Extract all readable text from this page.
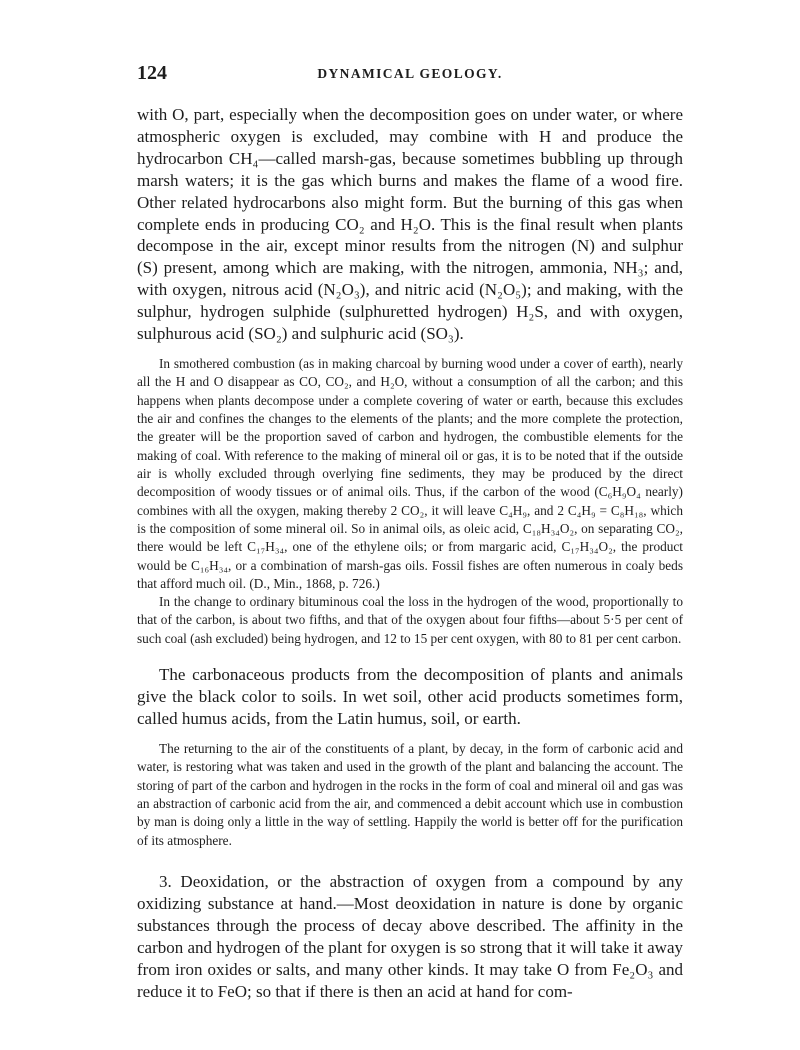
124	DYNAMICAL GEOLOGY.

with O, part, especially when the decomposition goes on under water, or where atmospheric oxygen is excluded, may combine with H and produce the hydrocarbon CH₄—called marsh-gas, because sometimes bubbling up through marsh waters; it is the gas which burns and makes the flame of a wood fire. Other related hydrocarbons also might form. But the burning of this gas when complete ends in producing CO₂ and H₂O. This is the final result when plants decompose in the air, except minor results from the nitrogen (N) and sulphur (S) present, among which are making, with the nitrogen, ammonia, NH₃; and, with oxygen, nitrous acid (N₂O₃), and nitric acid (N₂O₅); and making, with the sulphur, hydrogen sulphide (sulphuretted hydrogen) H₂S, and with oxygen, sulphurous acid (SO₂) and sulphuric acid (SO₃).

In smothered combustion (as in making charcoal by burning wood under a cover of earth), nearly all the H and O disappear as CO, CO₂, and H₂O, without a consumption of all the carbon; and this happens when plants decompose under a complete covering of water or earth, because this excludes the air and confines the changes to the elements of the plants; and the more complete the protection, the greater will be the proportion saved of carbon and hydrogen, the combustible elements for the making of coal. With reference to the making of mineral oil or gas, it is to be noted that if the outside air is wholly excluded through overlying fine sediments, they may be produced by the direct decomposition of woody tissues or of animal oils. Thus, if the carbon of the wood (C₆H₉O₄ nearly) combines with all the oxygen, making thereby 2 CO₂, it will leave C₄H₉, and 2 C₄H₉ = C₈H₁₈, which is the composition of some mineral oil. So in animal oils, as oleic acid, C₁₈H₃₄O₂, on separating CO₂, there would be left C₁₇H₃₄, one of the ethylene oils; or from margaric acid, C₁₇H₃₄O₂, the product would be C₁₆H₃₄, or a combination of marsh-gas oils. Fossil fishes are often numerous in coaly beds that afford much oil. (D., Min., 1868, p. 726.)

In the change to ordinary bituminous coal the loss in the hydrogen of the wood, proportionally to that of the carbon, is about two fifths, and that of the oxygen about four fifths—about 5·5 per cent of such coal (ash excluded) being hydrogen, and 12 to 15 per cent oxygen, with 80 to 81 per cent carbon.

The carbonaceous products from the decomposition of plants and animals give the black color to soils. In wet soil, other acid products sometimes form, called humus acids, from the Latin humus, soil, or earth.

The returning to the air of the constituents of a plant, by decay, in the form of carbonic acid and water, is restoring what was taken and used in the growth of the plant and balancing the account. The storing of part of the carbon and hydrogen in the rocks in the form of coal and mineral oil and gas was an abstraction of carbonic acid from the air, and commenced a debit account which use in combustion by man is doing only a little in the way of settling. Happily the world is better off for the purification of its atmosphere.

3. Deoxidation, or the abstraction of oxygen from a compound by any oxidizing substance at hand.—Most deoxidation in nature is done by organic substances through the process of decay above described. The affinity in the carbon and hydrogen of the plant for oxygen is so strong that it will take it away from iron oxides or salts, and many other kinds. It may take O from Fe₂O₃ and reduce it to FeO; so that if there is then an acid at hand for com-
